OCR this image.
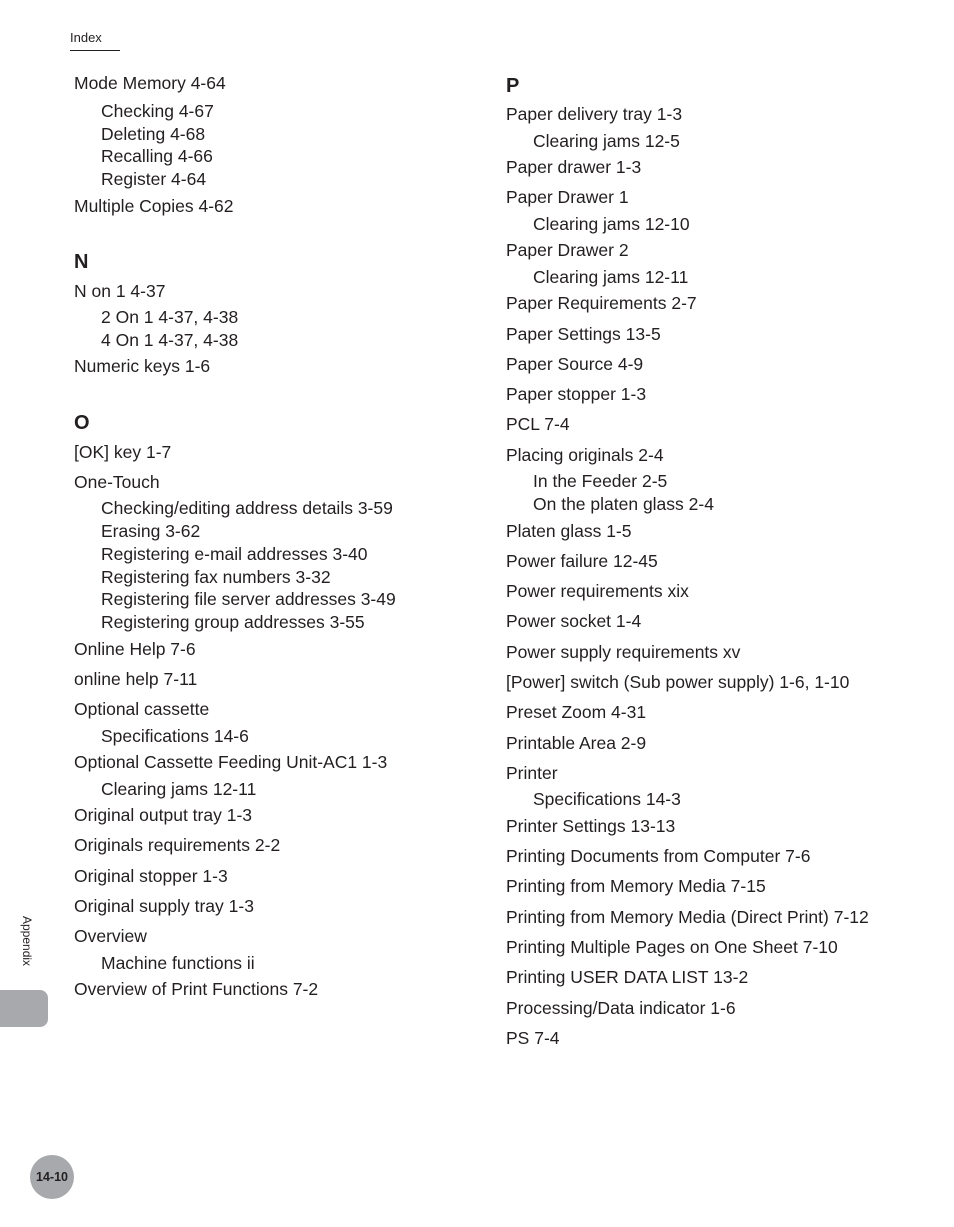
Index
Mode Memory 4-64
Checking 4-67
Deleting 4-68
Recalling 4-66
Register 4-64
Multiple Copies 4-62
N
N on 1 4-37
2 On 1 4-37, 4-38
4 On 1 4-37, 4-38
Numeric keys 1-6
O
[OK] key 1-7
One-Touch
Checking/editing address details 3-59
Erasing 3-62
Registering e-mail addresses 3-40
Registering fax numbers 3-32
Registering file server addresses 3-49
Registering group addresses 3-55
Online Help 7-6
online help 7-11
Optional cassette
Specifications 14-6
Optional Cassette Feeding Unit-AC1 1-3
Clearing jams 12-11
Original output tray 1-3
Originals requirements 2-2
Original stopper 1-3
Original supply tray 1-3
Overview
Machine functions ii
Overview of Print Functions 7-2
P
Paper delivery tray 1-3
Clearing jams 12-5
Paper drawer 1-3
Paper Drawer 1
Clearing jams 12-10
Paper Drawer 2
Clearing jams 12-11
Paper Requirements 2-7
Paper Settings 13-5
Paper Source 4-9
Paper stopper 1-3
PCL 7-4
Placing originals 2-4
In the Feeder 2-5
On the platen glass 2-4
Platen glass 1-5
Power failure 12-45
Power requirements xix
Power socket 1-4
Power supply requirements xv
[Power] switch (Sub power supply) 1-6, 1-10
Preset Zoom 4-31
Printable Area 2-9
Printer
Specifications 14-3
Printer Settings 13-13
Printing Documents from Computer 7-6
Printing from Memory Media 7-15
Printing from Memory Media (Direct Print) 7-12
Printing Multiple Pages on One Sheet 7-10
Printing USER DATA LIST 13-2
Processing/Data indicator 1-6
PS 7-4
Appendix
14-10
